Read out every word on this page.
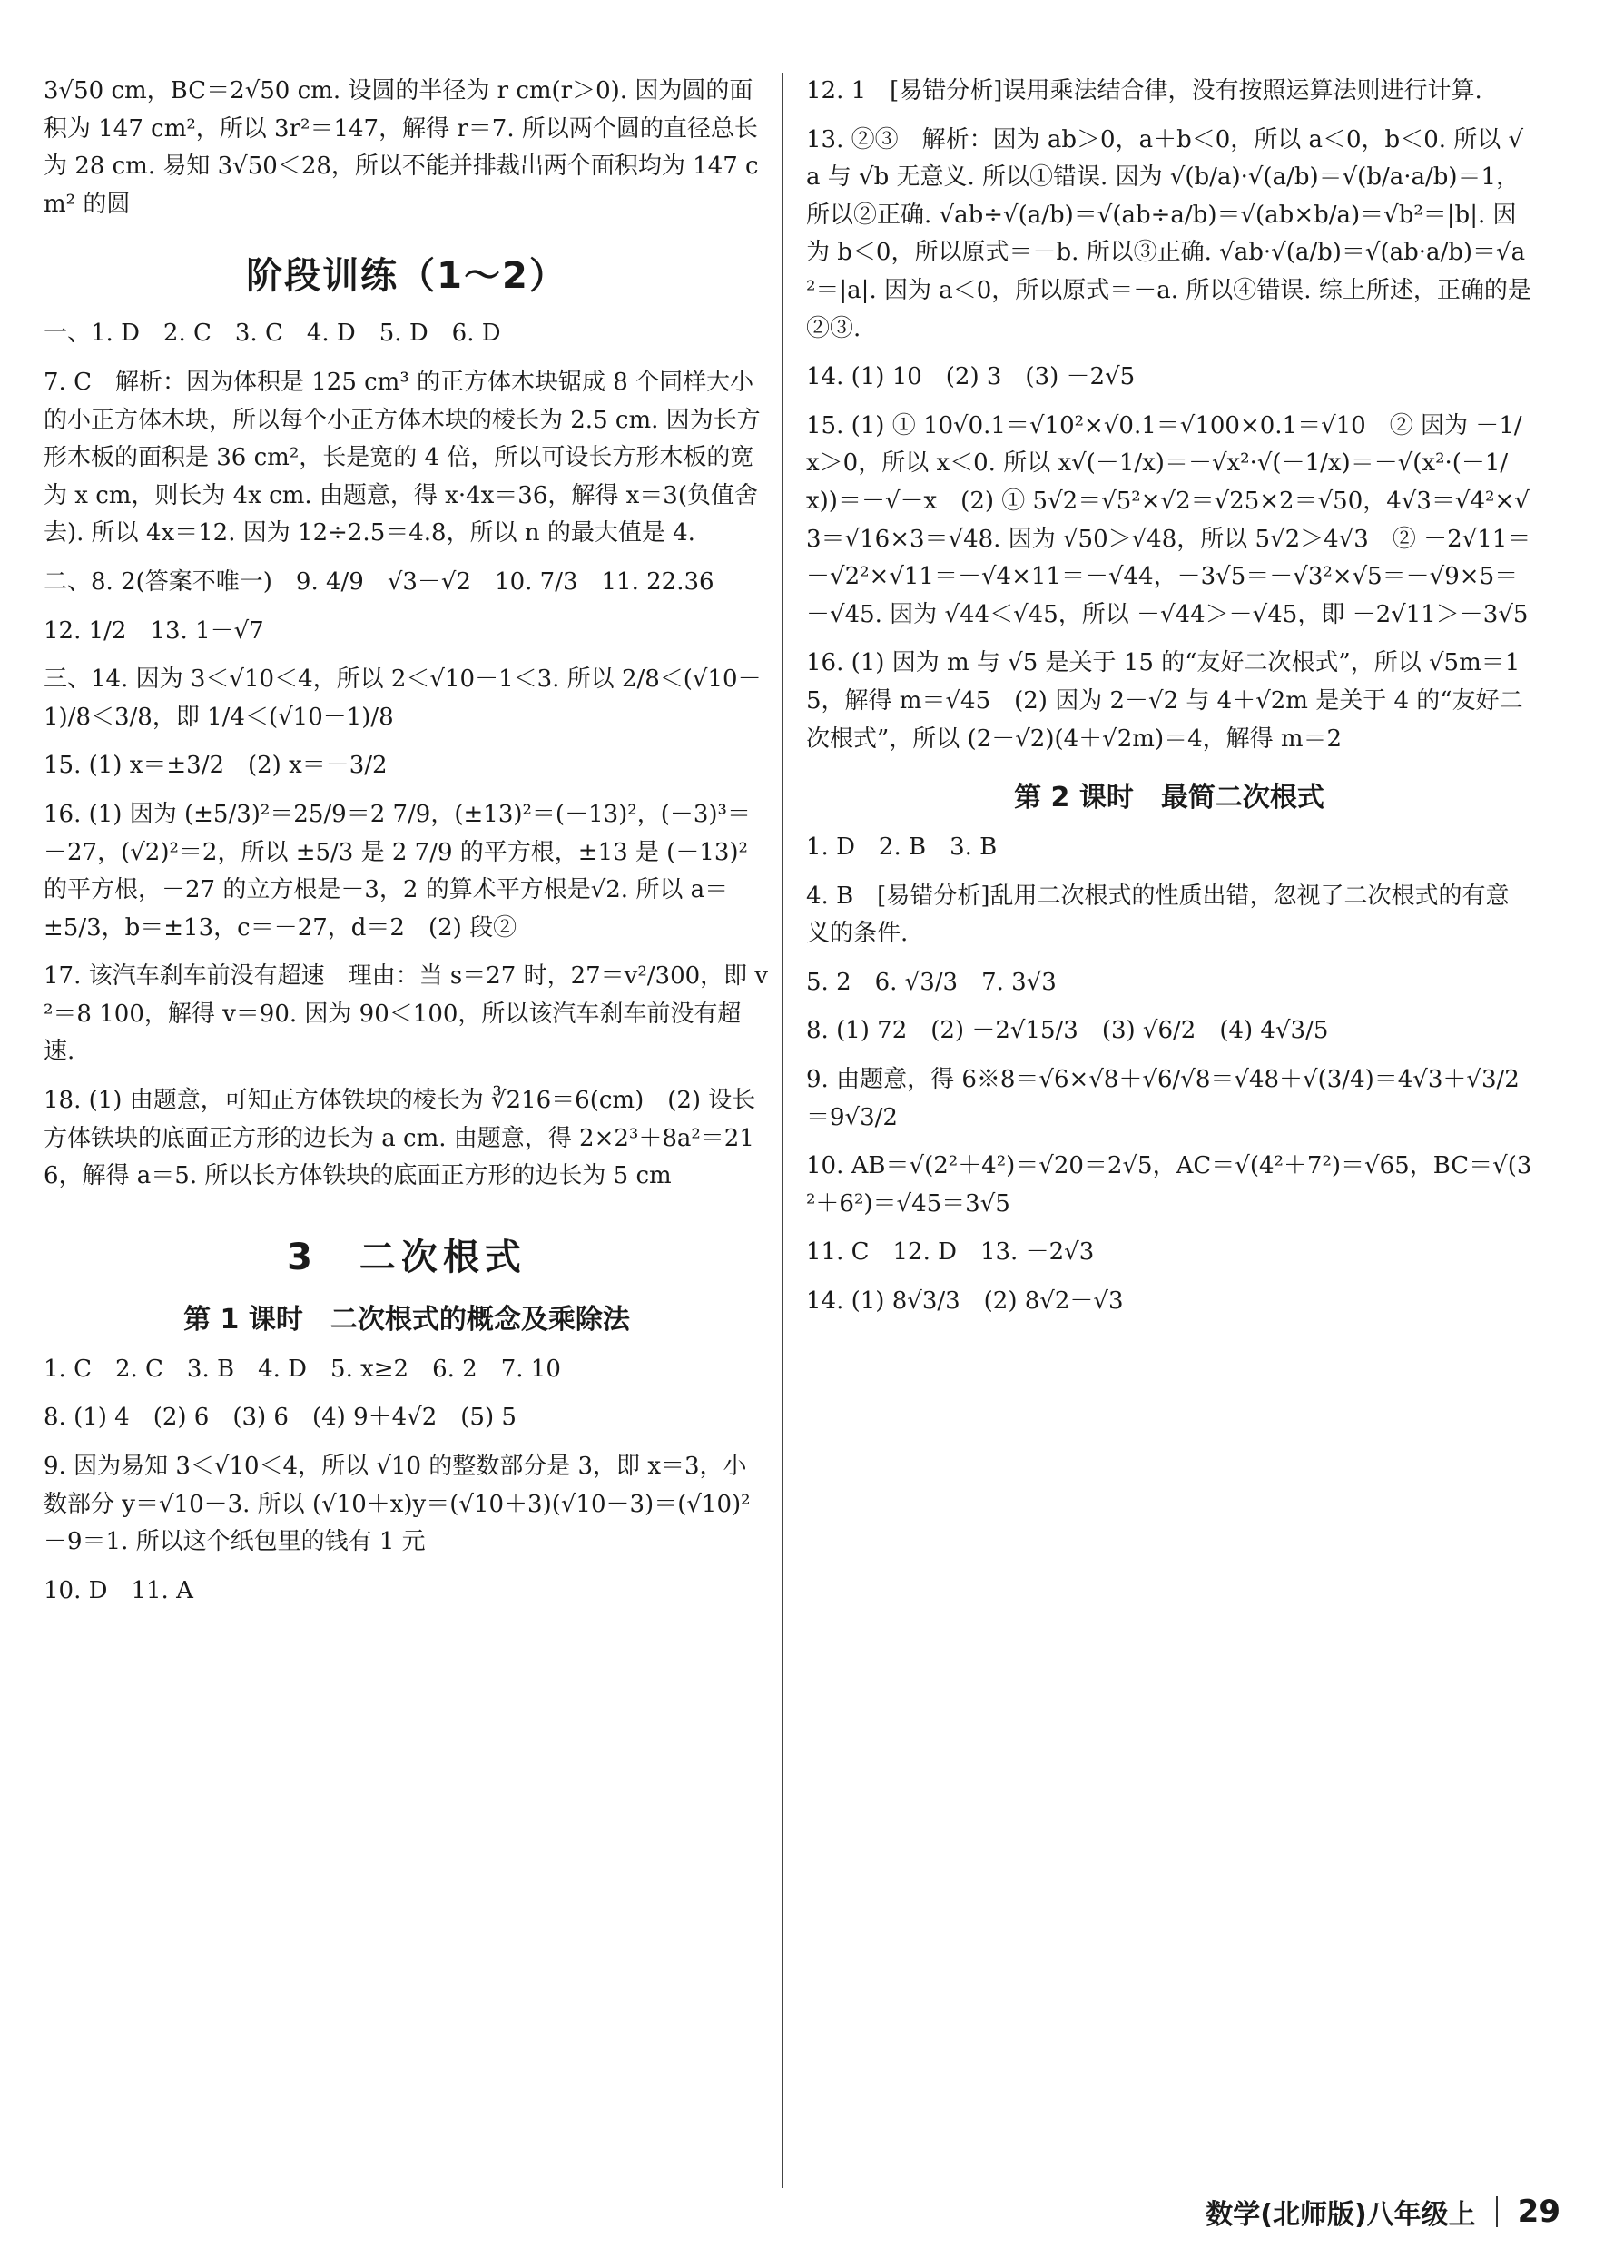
3√50 cm，BC＝2√50 cm. 设圆的半径为 r cm(r＞0). 因为圆的面积为 147 cm²，所以 3r²＝147，解得 r＝7. 所以两个圆的直径总长为 28 cm. 易知 3√50＜28，所以不能并排裁出两个面积均为 147 cm² 的圆
阶段训练（1～2）
一、1. D　2. C　3. C　4. D　5. D　6. D
7. C　解析：因为体积是 125 cm³ 的正方体木块锯成 8 个同样大小的小正方体木块，所以每个小正方体木块的棱长为 2.5 cm. 因为长方形木板的面积是 36 cm²，长是宽的 4 倍，所以可设长方形木板的宽为 x cm，则长为 4x cm. 由题意，得 x·4x＝36，解得 x＝3(负值舍去). 所以 4x＝12. 因为 12÷2.5＝4.8，所以 n 的最大值是 4.
二、8. 2(答案不唯一)　9. 4/9　√3－√2　10. 7/3　11. 22.36
12. 1/2　13. 1－√7
三、14. 因为 3＜√10＜4，所以 2＜√10－1＜3. 所以 2/8＜(√10－1)/8＜3/8，即 1/4＜(√10－1)/8
15. (1) x＝±3/2　(2) x＝－3/2
16. (1) 因为 (±5/3)²＝25/9＝2 7/9，(±13)²＝(－13)²，(－3)³＝－27，(√2)²＝2，所以 ±5/3 是 2 7/9 的平方根，±13 是 (－13)² 的平方根，－27 的立方根是－3，2 的算术平方根是√2. 所以 a＝±5/3，b＝±13，c＝－27，d＝2　(2) 段②
17. 该汽车刹车前没有超速　理由：当 s＝27 时，27＝v²/300，即 v²＝8 100，解得 v＝90. 因为 90＜100，所以该汽车刹车前没有超速.
18. (1) 由题意，可知正方体铁块的棱长为 ∛216＝6(cm)　(2) 设长方体铁块的底面正方形的边长为 a cm. 由题意，得 2×2³＋8a²＝216，解得 a＝5. 所以长方体铁块的底面正方形的边长为 5 cm
3　二次根式
第 1 课时　二次根式的概念及乘除法
1. C　2. C　3. B　4. D　5. x≥2　6. 2　7. 10
8. (1) 4　(2) 6　(3) 6　(4) 9＋4√2　(5) 5
9. 因为易知 3＜√10＜4，所以 √10 的整数部分是 3，即 x＝3，小数部分 y＝√10－3. 所以 (√10＋x)y＝(√10＋3)(√10－3)＝(√10)²－9＝1. 所以这个纸包里的钱有 1 元
10. D　11. A
12. 1　[易错分析]误用乘法结合律，没有按照运算法则进行计算.
13. ②③　解析：因为 ab＞0，a＋b＜0，所以 a＜0，b＜0. 所以 √a 与 √b 无意义. 所以①错误. 因为 √(b/a)·√(a/b)＝√(b/a·a/b)＝1，所以②正确. √ab÷√(a/b)＝√(ab÷a/b)＝√(ab×b/a)＝√b²＝|b|. 因为 b＜0，所以原式＝－b. 所以③正确. √ab·√(a/b)＝√(ab·a/b)＝√a²＝|a|. 因为 a＜0，所以原式＝－a. 所以④错误. 综上所述，正确的是②③.
14. (1) 10　(2) 3　(3) －2√5
15. (1) ① 10√0.1＝√10²×√0.1＝√100×0.1＝√10　② 因为 －1/x＞0，所以 x＜0. 所以 x√(－1/x)＝－√x²·√(－1/x)＝－√(x²·(－1/x))＝－√－x　(2) ① 5√2＝√5²×√2＝√25×2＝√50，4√3＝√4²×√3＝√16×3＝√48. 因为 √50＞√48，所以 5√2＞4√3　② －2√11＝－√2²×√11＝－√4×11＝－√44，－3√5＝－√3²×√5＝－√9×5＝－√45. 因为 √44＜√45，所以 －√44＞－√45，即 －2√11＞－3√5
16. (1) 因为 m 与 √5 是关于 15 的“友好二次根式”，所以 √5m＝15，解得 m＝√45　(2) 因为 2－√2 与 4＋√2m 是关于 4 的“友好二次根式”，所以 (2－√2)(4＋√2m)＝4，解得 m＝2
第 2 课时　最简二次根式
1. D　2. B　3. B
4. B　[易错分析]乱用二次根式的性质出错，忽视了二次根式的有意义的条件.
5. 2　6. √3/3　7. 3√3
8. (1) 72　(2) －2√15/3　(3) √6/2　(4) 4√3/5
9. 由题意，得 6※8＝√6×√8＋√6/√8＝√48＋√(3/4)＝4√3＋√3/2＝9√3/2
10. AB＝√(2²＋4²)＝√20＝2√5，AC＝√(4²＋7²)＝√65，BC＝√(3²＋6²)＝√45＝3√5
11. C　12. D　13. －2√3
14. (1) 8√3/3　(2) 8√2－√3
数学(北师版)八年级上 29
